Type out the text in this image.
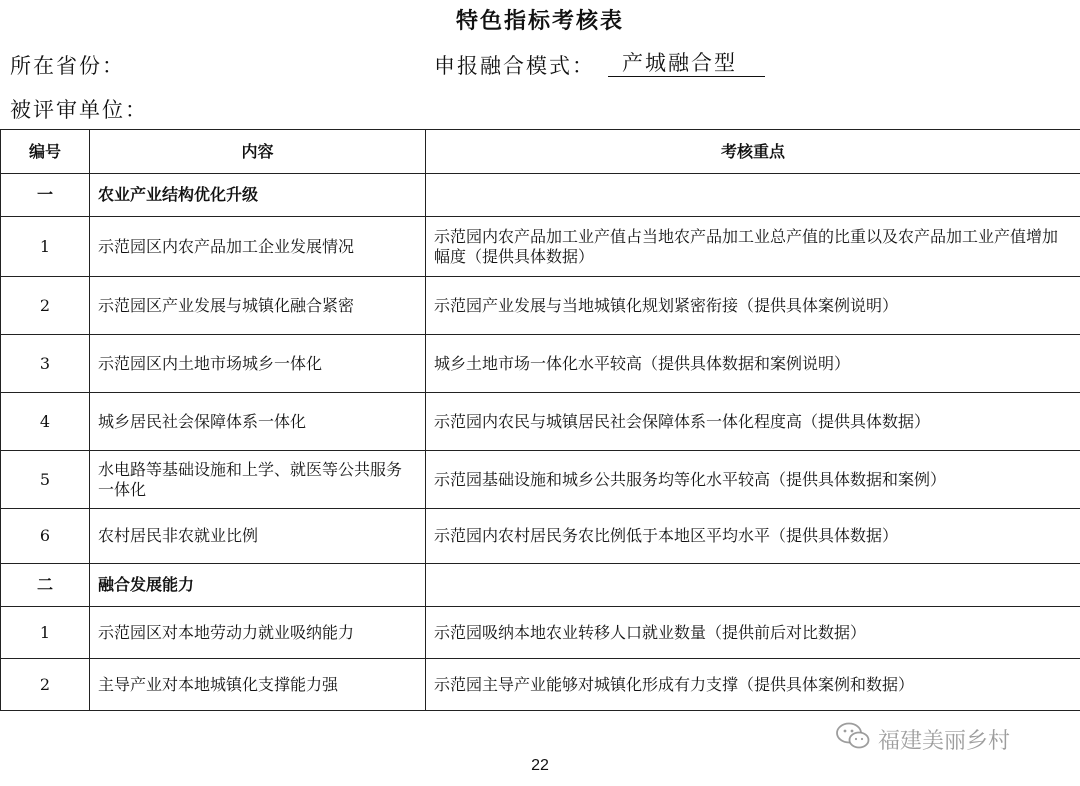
特色指标考核表
所在省份：	申报融合模式：	产城融合型
被评审单位：
编号	内容	考核重点
一	农业产业结构优化升级	
1	示范园区内农产品加工企业发展情况	示范园内农产品加工业产值占当地农产品加工业总产值的比重以及农产品加工业产值增加幅度（提供具体数据）
2	示范园区产业发展与城镇化融合紧密	示范园产业发展与当地城镇化规划紧密衔接（提供具体案例说明）
3	示范园区内土地市场城乡一体化	城乡土地市场一体化水平较高（提供具体数据和案例说明）
4	城乡居民社会保障体系一体化	示范园内农民与城镇居民社会保障体系一体化程度高（提供具体数据）
5	水电路等基础设施和上学、就医等公共服务一体化	示范园基础设施和城乡公共服务均等化水平较高（提供具体数据和案例）
6	农村居民非农就业比例	示范园内农村居民务农比例低于本地区平均水平（提供具体数据）
二	融合发展能力	
1	示范园区对本地劳动力就业吸纳能力	示范园吸纳本地农业转移人口就业数量（提供前后对比数据）
2	主导产业对本地城镇化支撑能力强	示范园主导产业能够对城镇化形成有力支撑（提供具体案例和数据）
福建美丽乡村
22
